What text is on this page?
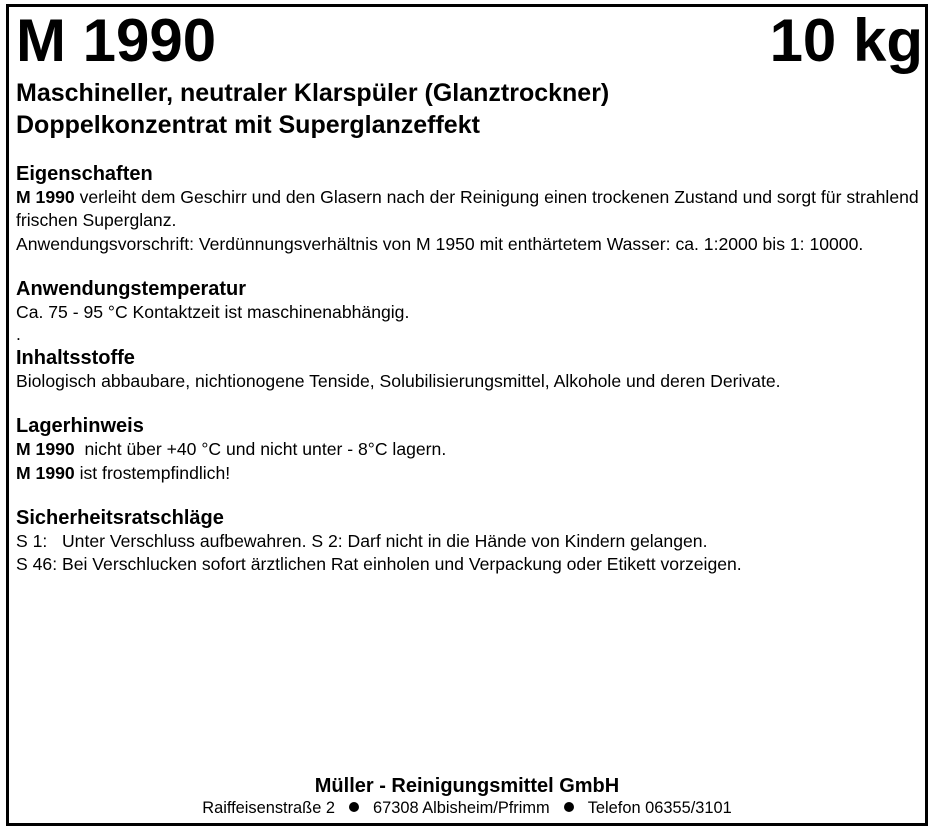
M 1990	10 kg
Maschineller, neutraler Klarspüler (Glanztrockner)
Doppelkonzentrat mit Superglanzeffekt
Eigenschaften
M 1990 verleiht dem Geschirr und den Glasern nach der Reinigung einen trockenen Zustand und sorgt für strahlend frischen Superglanz.
Anwendungsvorschrift: Verdünnungsverhältnis von M 1950 mit enthärtetem Wasser: ca. 1:2000 bis 1: 10000.
Anwendungstemperatur
Ca. 75 - 95 °C Kontaktzeit ist maschinenabhängig.
.
Inhaltsstoffe
Biologisch abbaubare, nichtionogene Tenside, Solubilisierungsmittel, Alkohole und deren Derivate.
Lagerhinweis
M 1990  nicht über +40 °C und nicht unter - 8°C lagern.
M 1990 ist frostempfindlich!
Sicherheitsratschläge
S 1:   Unter Verschluss aufbewahren. S 2: Darf nicht in die Hände von Kindern gelangen.
S 46: Bei Verschlucken sofort ärztlichen Rat einholen und Verpackung oder Etikett vorzeigen.
Müller - Reinigungsmittel GmbH
Raiffeisenstraße 2 67308 Albisheim/Pfrimm Telefon 06355/3101
